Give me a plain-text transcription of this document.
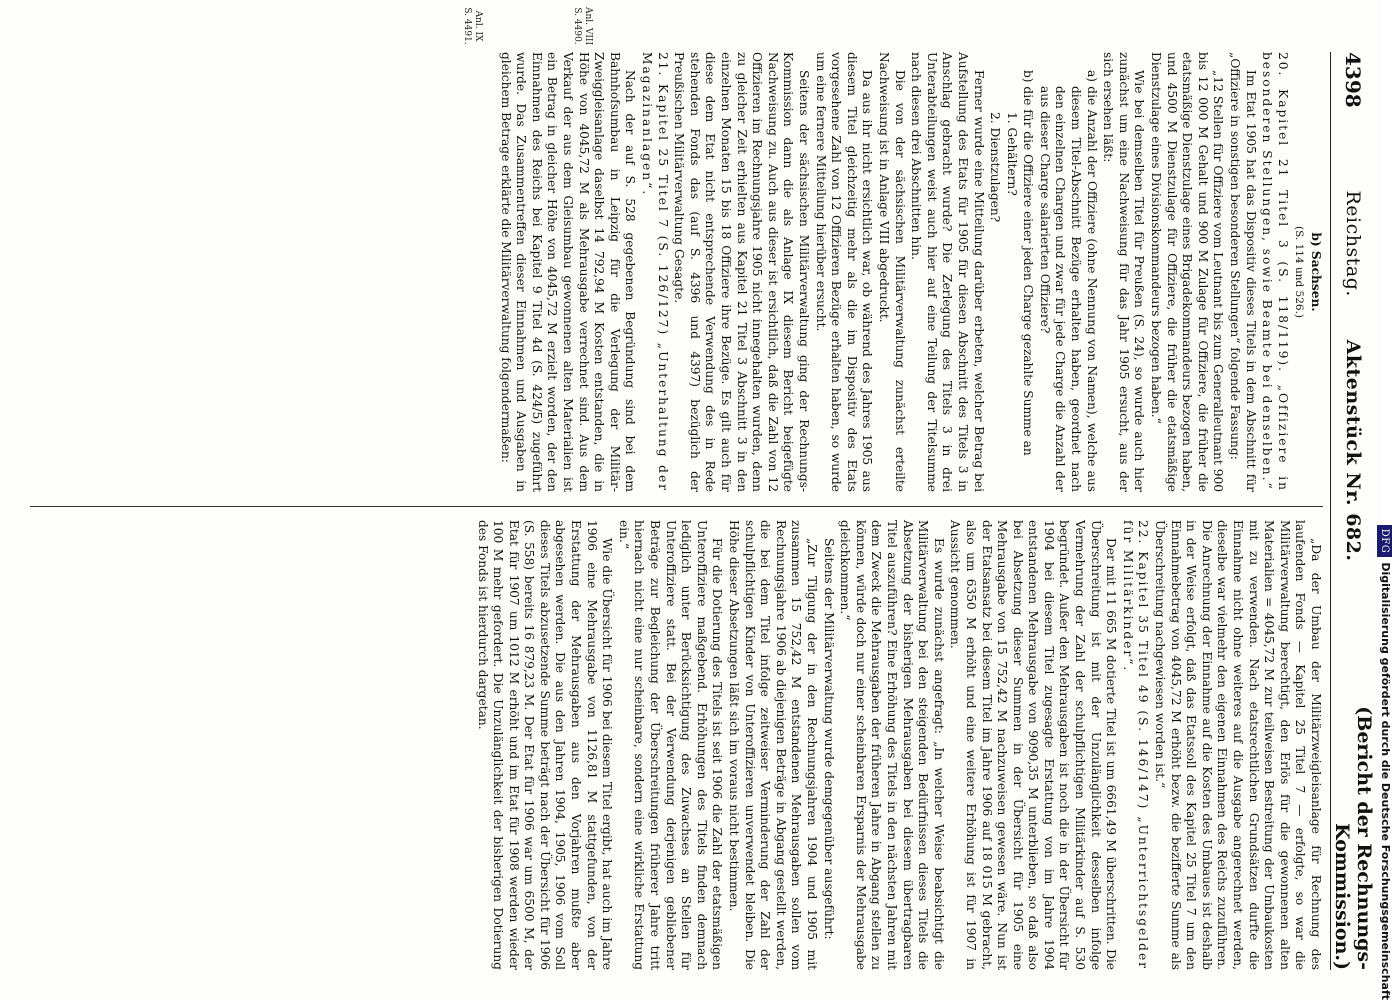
4398
Reichstag.      Aktenstück Nr. 682.
(Bericht der Rechnungs-Kommission.)
Anl. VIII S. 4490.
Anl. IX S. 4491.

b) Sachsen.

(S. 114 und 526.)

20. Kapitel 21 Titel 3 (S. 118/119). „Offiziere in besonderen Stellungen, sowie Beamte bei denselben.“

Im Etat 1905 hat das Dispositiv dieses Titels in dem Abschnitt für „Offiziere in sonstigen besonderen Stellungen“ folgende Fassung:

„12 Stellen für Offiziere vom Leutnant bis zum Generalleutnant 900 bis 12 000 M Gehalt und 900 M Zulage für Offiziere, die früher die etatsmäßige Dienstzulage eines Brigadekommandeurs bezogen haben, und 4500 M Dienstzulage für Offiziere, die früher die etatsmäßige Dienstzulage eines Divisionskommandeurs bezogen haben.“

Wie bei demselben Titel für Preußen (S. 24), so wurde auch hier zunächst um eine Nachweisung für das Jahr 1905 ersucht, aus der sich ersehen läßt:

a) die Anzahl der Offiziere (ohne Nennung von Namen), welche aus diesem Titel-Abschnitt Bezüge erhalten haben, geordnet nach den einzelnen Chargen und zwar für jede Charge die Anzahl der aus dieser Charge salarierten Offiziere?

b) die für die Offiziere einer jeden Charge gezahlte Summe an

1. Gehältern?

2. Dienstzulagen?

Ferner wurde eine Mitteilung darüber erbeten, welcher Betrag bei Aufstellung des Etats für 1905 für diesen Abschnitt des Titels 3 in Anschlag gebracht wurde? Die Zerlegung des Titels 3 in drei Unterabteilungen weist auch hier auf eine Teilung der Titelsumme nach diesen drei Abschnitten hin.

Die von der sächsischen Militärverwaltung zunächst erteilte Nachweisung ist in Anlage VIII abgedruckt.

Da aus ihr nicht ersichtlich war, ob während des Jahres 1905 aus diesem Titel gleichzeitig mehr als die im Dispositiv des Etats vorgesehene Zahl von 12 Offizieren Bezüge erhalten haben, so wurde um eine fernere Mitteilung hierüber ersucht.

Seitens der sächsischen Militärverwaltung ging der Rechnungs-Kommission dann die als Anlage IX diesem Bericht beigefügte Nachweisung zu. Auch aus dieser ist ersichtlich, daß die Zahl von 12 Offizieren im Rechnungsjahre 1905 nicht innegehalten wurden, denn zu gleicher Zeit erhielten aus Kapitel 21 Titel 3 Abschnitt 3 in den einzelnen Monaten 15 bis 18 Offiziere ihre Bezüge. Es gilt auch für diese dem Etat nicht entsprechende Verwendung des in Rede stehenden Fonds das (auf S. 4396 und 4397) bezüglich der Preußischen Militärverwaltung Gesagte.

21. Kapitel 25 Titel 7 (S. 126/127) „Unterhaltung der Magazinanlagen“.

Nach der auf S. 528 gegebenen Begründung sind bei dem Bahnhofsumbau in Leipzig für die Verlegung der Militär-Zweiggleisanlage daselbst 14 792,94 M Kosten entstanden, die in Höhe von 4045,72 M als Mehrausgabe verrechnet sind. Aus dem Verkauf der aus dem Gleisumbau gewonnenen alten Materialien ist ein Betrag in gleicher Höhe von 4045,72 M erzielt worden, der den Einnahmen des Reichs bei Kapitel 9 Titel 4d (S. 424/5) zugeführt wurde. Das Zusammentreffen dieser Einnahmen und Ausgaben in gleichem Betrage erklärte die Militärverwaltung folgendermaßen:

„Da der Umbau der Militärzweigleisanlage für Rechnung des laufenden Fonds — Kapitel 25 Titel 7 — erfolgte, so war die Militärverwaltung berechtigt, den Erlös für die gewonnenen alten Materialien = 4045,72 M zur teilweisen Bestreitung der Umbaukosten mit zu verwenden. Nach etatsrechtlichen Grundsätzen durfte die Einnahme nicht ohne weiteres auf die Ausgabe angerechnet werden, dieselbe war vielmehr den eigenen Einnahmen des Reichs zuzuführen. Die Anrechnung der Einnahme auf die Kosten des Umbaues ist deshalb in der Weise erfolgt, daß das Etatssoll des Kapitel 25 Titel 7 um den Einnahmebetrag von 4045,72 M erhöht bezw. die bezifferte Summe als Überschreitung nachgewiesen worden ist.“

22. Kapitel 35 Titel 49 (S. 146/147) „Unterrichtsgelder für Militärkinder“.

Der mit 11 665 M dotierte Titel ist um 6661,49 M überschritten. Die Überschreitung ist mit der Unzulänglichkeit desselben infolge Vermehrung der Zahl der schulpflichtigen Militärkinder auf S. 530 begründet. Außer den Mehrausgaben ist noch die in der Übersicht für 1904 bei diesem Titel zugesagte Erstattung von im Jahre 1904 entstandenen Mehrausgabe von 9090,35 M unterblieben, so daß also bei Absetzung dieser Summen in der Übersicht für 1905 eine Mehrausgabe von 15 752,42 M nachzuweisen gewesen wäre. Nun ist der Etatsansatz bei diesem Titel im Jahre 1906 auf 18 015 M gebracht, also um 6350 M erhöht und eine weitere Erhöhung ist für 1907 in Aussicht genommen.

Es wurde zunächst angefragt: „In welcher Weise beabsichtigt die Militärverwaltung bei den steigenden Bedürfnissen dieses Titels die Absetzung der bisherigen Mehrausgaben bei diesem übertragbaren Titel auszuführen? Eine Erhöhung des Titels in den nächsten Jahren mit dem Zweck die Mehrausgaben der früheren Jahre in Abgang stellen zu können, würde doch nur einer scheinbaren Ersparnis der Mehrausgabe gleichkommen.“

Seitens der Militärverwaltung wurde demgegenüber ausgeführt:

„Zur Tilgung der in den Rechnungsjahren 1904 und 1905 mit zusammen 15 752,42 M entstandenen Mehrausgaben sollen vom Rechnungsjahre 1906 ab diejenigen Beträge in Abgang gestellt werden, die bei dem Titel infolge zeitweiser Verminderung der Zahl der schulpflichtigen Kinder von Unteroffizieren unverwendet bleiben. Die Höhe dieser Absetzungen läßt sich im voraus nicht bestimmen.

Für die Dotierung des Titels ist seit 1906 die Zahl der etatsmäßigen Unteroffiziere maßgebend. Erhöhungen des Titels finden demnach lediglich unter Berücksichtigung des Zuwachses an Stellen für Unteroffiziere statt. Bei der Verwendung derjenigen gebliebener Beträge zur Begleichung der Überschreitungen früherer Jahre tritt hiernach nicht eine nur scheinbare, sondern eine wirkliche Erstattung ein.“

Wie die Übersicht für 1906 bei diesem Titel ergibt, hat auch im Jahre 1906 eine Mehrausgabe von 1126,81 M stattgefunden, von der Erstattung der Mehrausgaben aus den Vorjahren mußte aber abgesehen werden. Die aus den Jahren 1904, 1905, 1906 vom Soll dieses Titels abzusetzende Summe beträgt nach der Übersicht für 1906 (S. 558) bereits 16 879,23 M. Der Etat für 1906 war um 6500 M, der Etat für 1907 um 1012 M erhöht und im Etat für 1908 werden wieder 100 M mehr gefordert. Die Unzulänglichkeit der bisherigen Dotierung des Fonds ist hierdurch dargetan.	DFG Digitalisierung gefördert durch die Deutsche Forschungsgemeinschaft
